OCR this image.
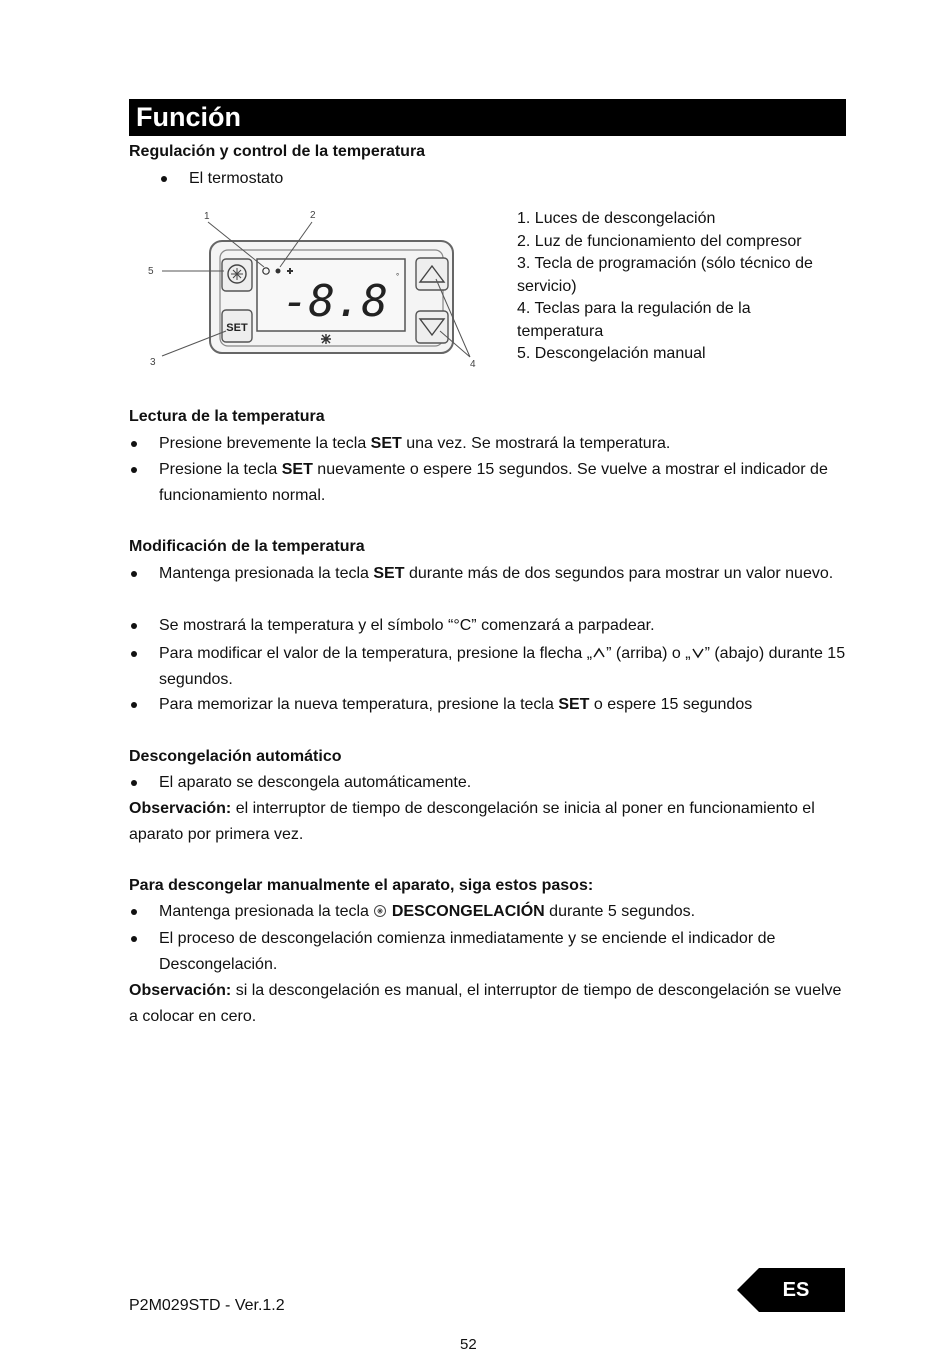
Función
Regulación y control de la temperatura
El termostato
SET
-8.8 °
1	2
3	4
5
1. Luces de descongelación
2. Luz de funcionamiento del compresor
3. Tecla de programación (sólo técnico de servicio)
4. Teclas para la regulación de la temperatura
5. Descongelación manual
Lectura de la temperatura
Presione brevemente la tecla SET una vez. Se mostrará la temperatura.
Presione la tecla SET nuevamente o espere 15 segundos. Se vuelve a mostrar el indicador de funcionamiento normal.
Modificación de la temperatura
Mantenga presionada la tecla SET durante más de dos segundos para mostrar un valor nuevo.
Se mostrará la temperatura y el símbolo “°C” comenzará a parpadear.
Para modificar el valor de la temperatura, presione la flecha „ ” (arriba) o „ ” (abajo) durante 15 segundos.
Para memorizar la nueva temperatura, presione la tecla SET o espere 15 segundos
Descongelación automático
El aparato se descongela automáticamente.
Observación: el interruptor de tiempo de descongelación se inicia al poner en funcionamiento el aparato por primera vez.
Para descongelar manualmente el aparato, siga estos pasos:
Mantenga presionada la tecla  DESCONGELACIÓN durante 5 segundos.
El proceso de descongelación comienza inmediatamente y se enciende el indicador de Descongelación.
Observación: si la descongelación es manual, el interruptor de tiempo de descongelación se vuelve a colocar en cero.
P2M029STD - Ver.1.2
ES
52
